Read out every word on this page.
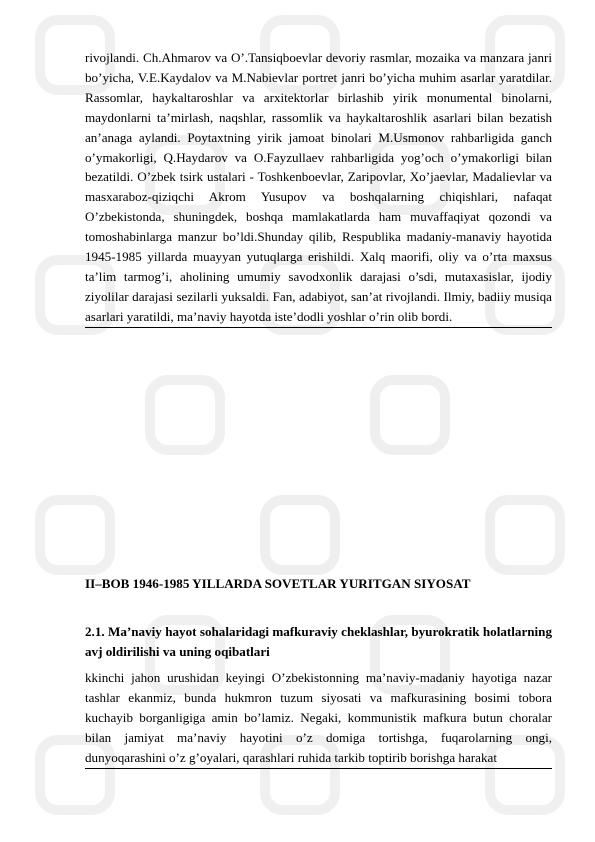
rivojlandi. Ch.Ahmarov va O’.Tansiqboevlar devoriy rasmlar, mozaika va manzara janri bo’yicha, V.E.Kaydalov va M.Nabievlar portret janri bo’yicha muhim asarlar yaratdilar. Rassomlar, haykaltaroshlar va arxitektorlar birlashib yirik monumental binolarni, maydonlarni ta’mirlash, naqshlar, rassomlik va haykaltaroshlik asarlari bilan bezatish an’anaga aylandi. Poytaxtning yirik jamoat binolari M.Usmonov rahbarligida ganch o’ymakorligi, Q.Haydarov va O.Fayzullaev rahbarligida yog’och o’ymakorligi bilan bezatildi. O’zbek tsirk ustalari - Toshkenboevlar, Zaripovlar, Xo’jaevlar, Madalievlar va masxaraboz-qiziqchi Akrom Yusupov va boshqalarning chiqishlari, nafaqat O’zbekistonda, shuningdek, boshqa mamlakatlarda ham muvaffaqiyat qozondi va tomoshabinlarga manzur bo’ldi.Shunday qilib, Respublika madaniy-manaviy hayotida 1945-1985 yillarda muayyan yutuqlarga erishildi. Xalq maorifi, oliy va o’rta maxsus ta’lim tarmog’i, aholining umumiy savodxonlik darajasi o’sdi, mutaxasislar, ijodiy ziyolilar darajasi sezilarli yuksaldi. Fan, adabiyot, san’at rivojlandi. Ilmiy, badiiy musiqa asarlari yaratildi, ma’naviy hayotda iste’dodli yoshlar o’rin olib bordi.

II–BOB 1946-1985 YILLARDA SOVETLAR YURITGAN SIYOSAT

2.1. Ma’naviy hayot sohalaridagi mafkuraviy cheklashlar, byurokratik holatlarning avj oldirilishi va uning oqibatlari

kkinchi jahon urushidan keyingi O’zbekistonning ma’naviy-madaniy hayotiga nazar tashlar ekanmiz, bunda hukmron tuzum siyosati va mafkurasining bosimi tobora kuchayib borganligiga amin bo’lamiz. Negaki, kommunistik mafkura butun choralar bilan jamiyat ma’naviy hayotini o’z domiga tortishga, fuqarolarning ongi, dunyoqarashini o’z g’oyalari, qarashlari ruhida tarkib toptirib borishga harakat
